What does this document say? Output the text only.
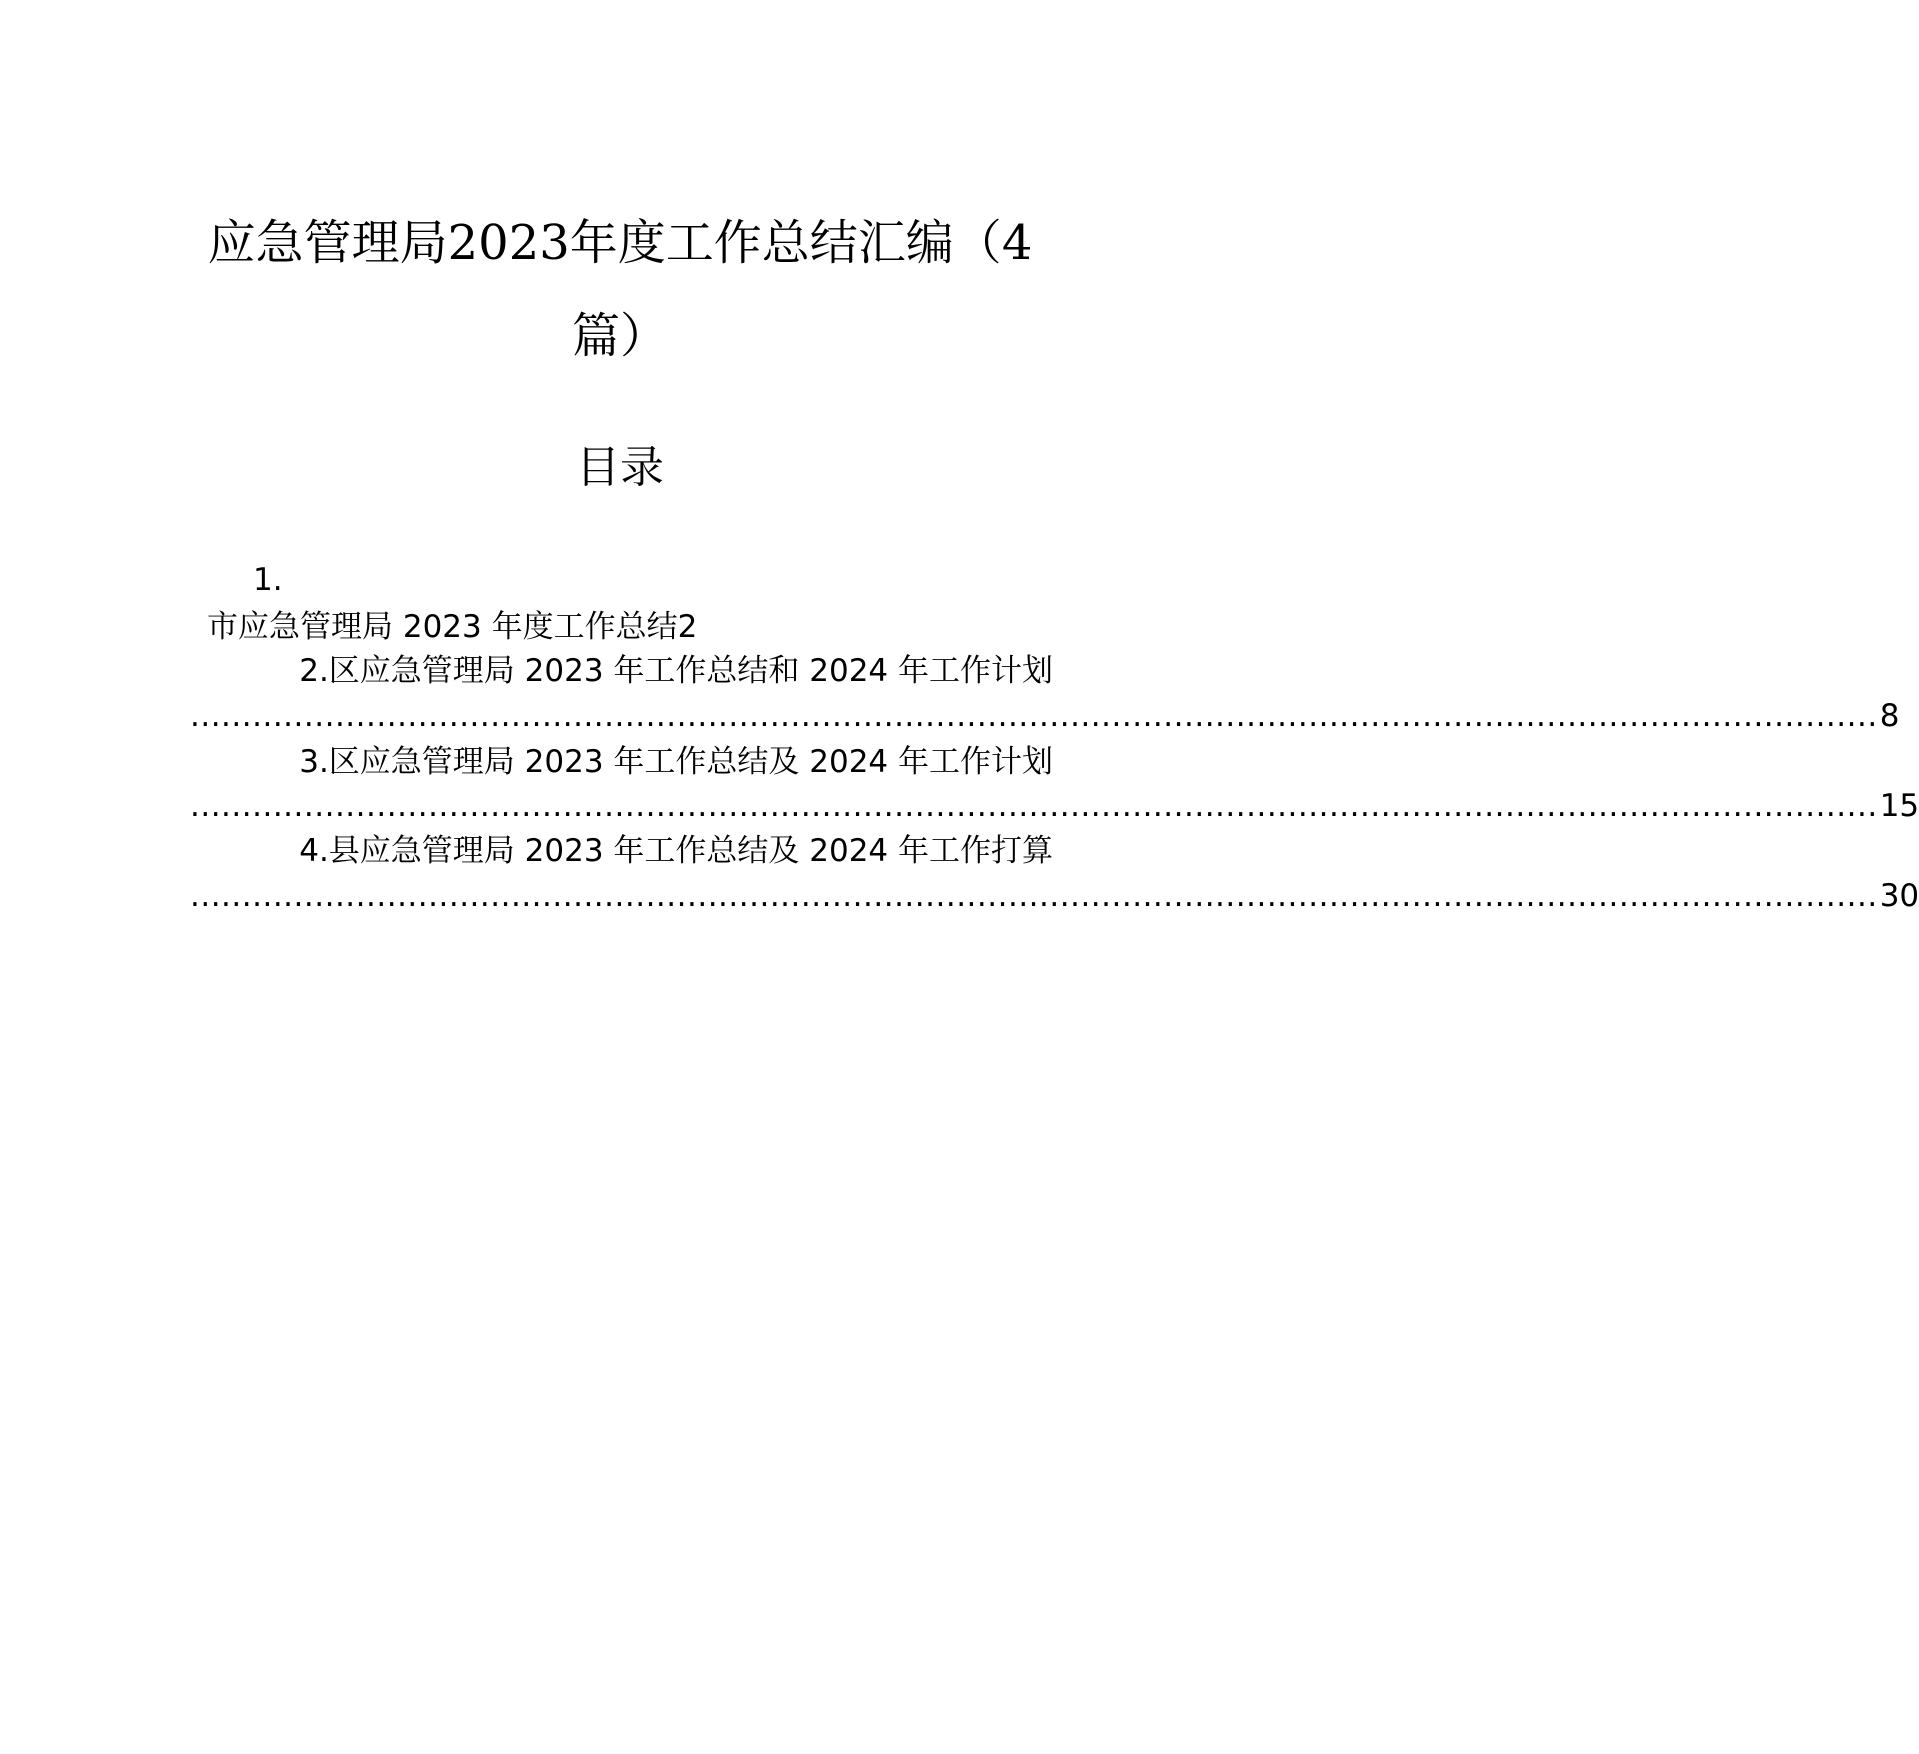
应急管理局2023年度工作总结汇编（4
篇）
目录
1.
市应急管理局 2023 年度工作总结2
2.区应急管理局 2023 年工作总结和 2024 年工作计划
................................................................................................................................................................... 8
3.区应急管理局 2023 年工作总结及 2024 年工作计划
................................................................................................................................................................... 15
4.县应急管理局 2023 年工作总结及 2024 年工作打算
................................................................................................................................................................... 30
